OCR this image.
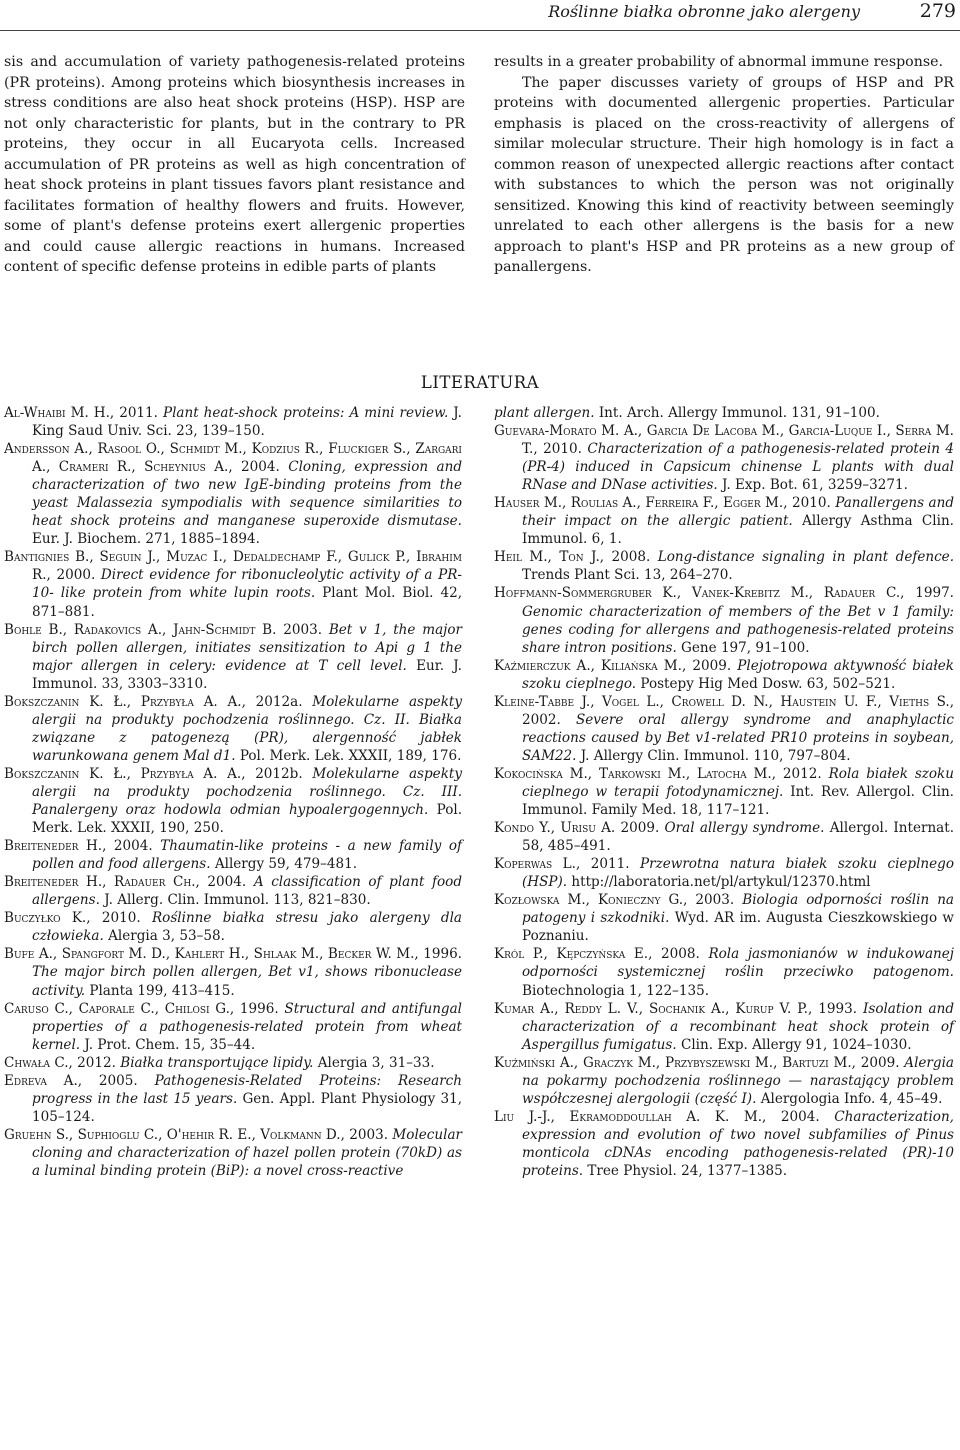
Roślinne białka obronne jako alergeny	279

sis and accumulation of variety pathogenesis-related proteins (PR proteins). Among proteins which biosynthesis increases in stress conditions are also heat shock proteins (HSP). HSP are not only characteristic for plants, but in the contrary to PR proteins, they occur in all Eucaryota cells. Increased accumulation of PR proteins as well as high concentration of heat shock proteins in plant tissues favors plant resistance and facilitates formation of healthy flowers and fruits. However, some of plant's defense proteins exert allergenic properties and could cause allergic reactions in humans. Increased content of specific defense proteins in edible parts of plants

results in a greater probability of abnormal immune response.

The paper discusses variety of groups of HSP and PR proteins with documented allergenic properties. Particular emphasis is placed on the cross-reactivity of allergens of similar molecular structure. Their high homology is in fact a common reason of unexpected allergic reactions after contact with substances to which the person was not originally sensitized. Knowing this kind of reactivity between seemingly unrelated to each other allergens is the basis for a new approach to plant's HSP and PR proteins as a new group of panallergens.

LITERATURA

Al-Whaibi M. H., 2011. Plant heat-shock proteins: A mini review. J. King Saud Univ. Sci. 23, 139–150.

Andersson A., Rasool O., Schmidt M., Kodzius R., Fluckiger S., Zargari A., Crameri R., Scheynius A., 2004. Cloning, expression and characterization of two new IgE-binding proteins from the yeast Malassezia sympodialis with sequence similarities to heat shock proteins and manganese superoxide dismutase. Eur. J. Biochem. 271, 1885–1894.

Bantignies B., Seguin J., Muzac I., Dedaldechamp F., Gulick P., Ibrahim R., 2000. Direct evidence for ribonucleolytic activity of a PR-10- like protein from white lupin roots. Plant Mol. Biol. 42, 871–881.

Bohle B., Radakovics A., Jahn-Schmidt B. 2003. Bet v 1, the major birch pollen allergen, initiates sensitization to Api g 1 the major allergen in celery: evidence at T cell level. Eur. J. Immunol. 33, 3303–3310.

Bokszczanin K. Ł., Przybyła A. A., 2012a. Molekularne aspekty alergii na produkty pochodzenia roślinnego. Cz. II. Białka związane z patogenezą (PR), alergenność jabłek warunkowana genem Mal d1. Pol. Merk. Lek. XXXII, 189, 176.

Bokszczanin K. Ł., Przybyła A. A., 2012b. Molekularne aspekty alergii na produkty pochodzenia roślinnego. Cz. III. Panalergeny oraz hodowla odmian hypoalergogennych. Pol. Merk. Lek. XXXII, 190, 250.

Breiteneder H., 2004. Thaumatin-like proteins - a new family of pollen and food allergens. Allergy 59, 479–481.

Breiteneder H., Radauer Ch., 2004. A classification of plant food allergens. J. Allerg. Clin. Immunol. 113, 821–830.

Buczyłko K., 2010. Roślinne białka stresu jako alergeny dla człowieka. Alergia 3, 53–58.

Bufe A., Spangfort M. D., Kahlert H., Shlaak M., Becker W. M., 1996. The major birch pollen allergen, Bet v1, shows ribonuclease activity. Planta 199, 413–415.

Caruso C., Caporale C., Chilosi G., 1996. Structural and antifungal properties of a pathogenesis-related protein from wheat kernel. J. Prot. Chem. 15, 35–44.

Chwała C., 2012. Białka transportujące lipidy. Alergia 3, 31–33.

Edreva A., 2005. Pathogenesis-Related Proteins: Research progress in the last 15 years. Gen. Appl. Plant Physiology 31, 105–124.

Gruehn S., Suphioglu C., O'hehir R. E., Volkmann D., 2003. Molecular cloning and characterization of hazel pollen protein (70kD) as a luminal binding protein (BiP): a novel cross-reactive

plant allergen. Int. Arch. Allergy Immunol. 131, 91–100.

Guevara-Morato M. A., Garcia De Lacoba M., Garcia-Luque I., Serra M. T., 2010. Characterization of a pathogenesis-related protein 4 (PR-4) induced in Capsicum chinense L plants with dual RNase and DNase activities. J. Exp. Bot. 61, 3259–3271.

Hauser M., Roulias A., Ferreira F., Egger M., 2010. Panallergens and their impact on the allergic patient. Allergy Asthma Clin. Immunol. 6, 1.

Heil M., Ton J., 2008. Long-distance signaling in plant defence. Trends Plant Sci. 13, 264–270.

Hoffmann-Sommergruber K., Vanek-Krebitz M., Radauer C., 1997. Genomic characterization of members of the Bet v 1 family: genes coding for allergens and pathogenesis-related proteins share intron positions. Gene 197, 91–100.

Kaźmierczuk A., Kiliańska M., 2009. Plejotropowa aktywność białek szoku cieplnego. Postepy Hig Med Dosw. 63, 502–521.

Kleine-Tabbe J., Vogel L., Crowell D. N., Haustein U. F., Vieths S., 2002. Severe oral allergy syndrome and anaphylactic reactions caused by Bet v1-related PR10 proteins in soybean, SAM22. J. Allergy Clin. Immunol. 110, 797–804.

Kokocińska M., Tarkowski M., Latocha M., 2012. Rola białek szoku cieplnego w terapii fotodynamicznej. Int. Rev. Allergol. Clin. Immunol. Family Med. 18, 117–121.

Kondo Y., Urisu A. 2009. Oral allergy syndrome. Allergol. Internat. 58, 485–491.

Koperwas L., 2011. Przewrotna natura białek szoku cieplnego (HSP). http://laboratoria.net/pl/artykul/12370.html

Kozłowska M., Konieczny G., 2003. Biologia odporności roślin na patogeny i szkodniki. Wyd. AR im. Augusta Cieszkowskiego w Poznaniu.

Król P., Kępczyńska E., 2008. Rola jasmonianów w indukowanej odporności systemicznej roślin przeciwko patogenom. Biotechnologia 1, 122–135.

Kumar A., Reddy L. V., Sochanik A., Kurup V. P., 1993. Isolation and characterization of a recombinant heat shock protein of Aspergillus fumigatus. Clin. Exp. Allergy 91, 1024–1030.

Kuźmiński A., Graczyk M., Przybyszewski M., Bartuzi M., 2009. Alergia na pokarmy pochodzenia roślinnego — narastający problem współczesnej alergologii (część I). Alergologia Info. 4, 45–49.

Liu J.-J., Ekramoddoullah A. K. M., 2004. Characterization, expression and evolution of two novel subfamilies of Pinus monticola cDNAs encoding pathogenesis-related (PR)-10 proteins. Tree Physiol. 24, 1377–1385.
